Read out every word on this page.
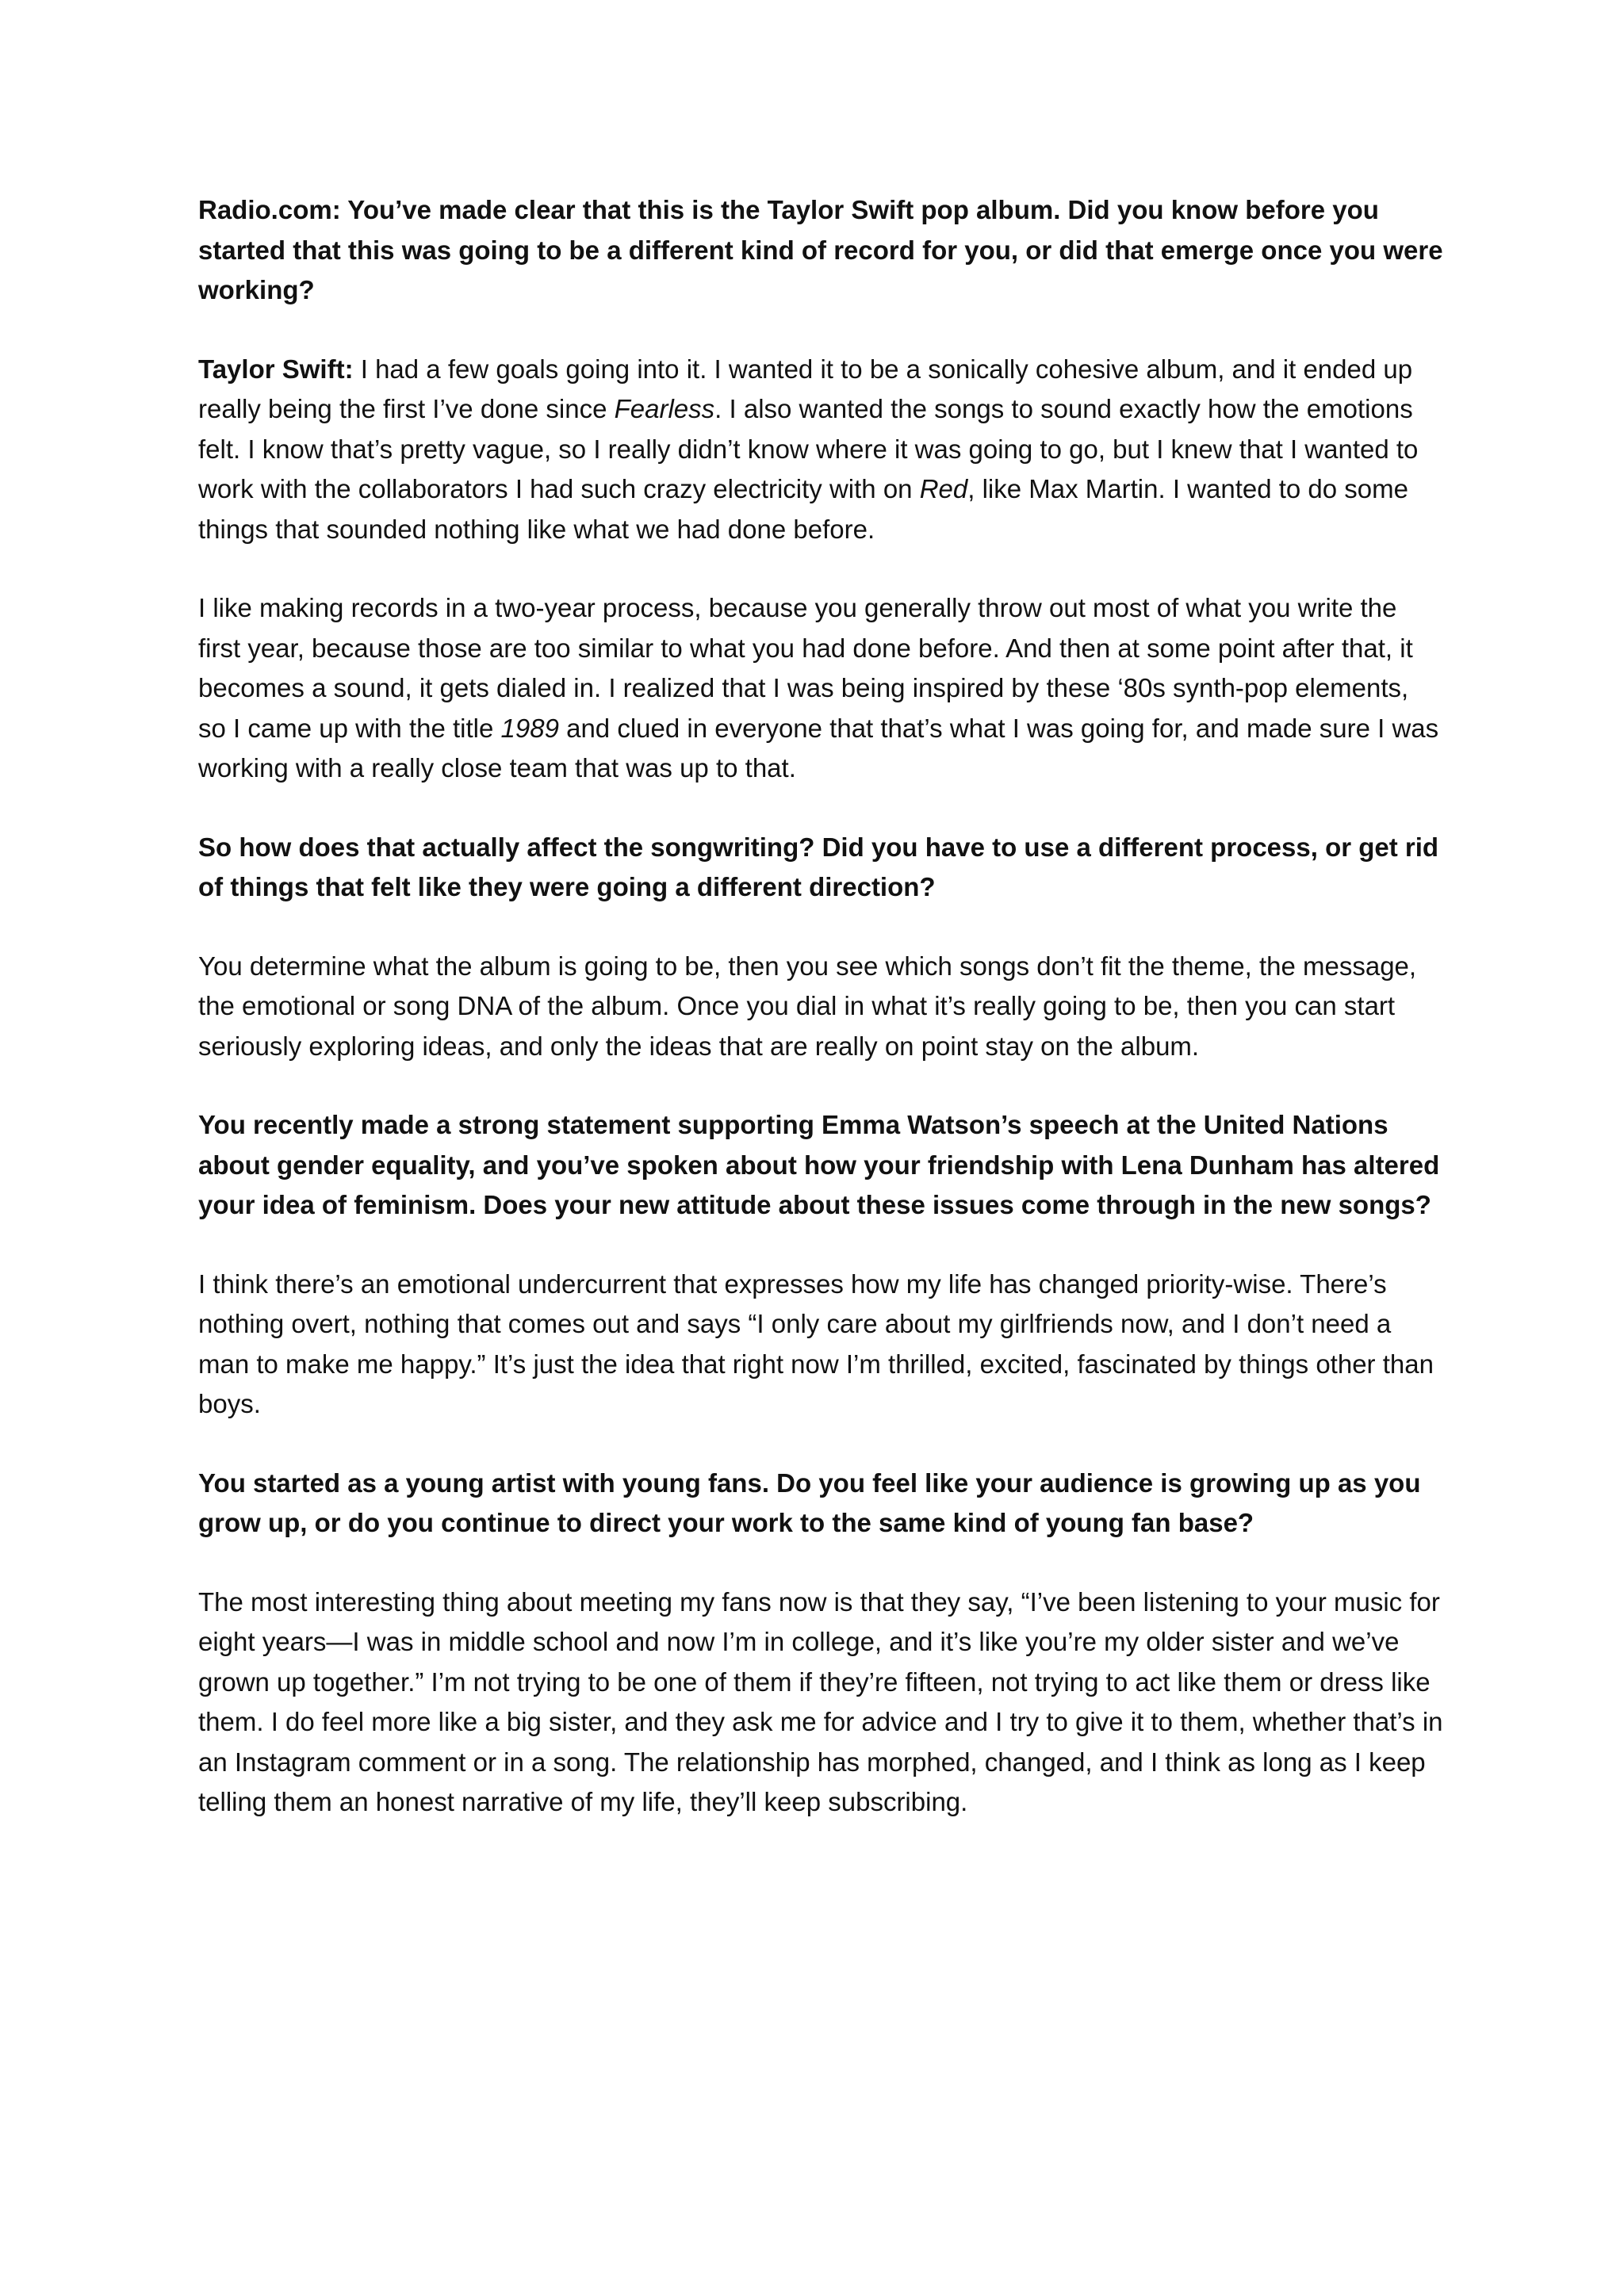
Radio.com: You’ve made clear that this is the Taylor Swift pop album. Did you know before you started that this was going to be a different kind of record for you, or did that emerge once you were working?

Taylor Swift: I had a few goals going into it. I wanted it to be a sonically cohesive album, and it ended up really being the first I’ve done since Fearless. I also wanted the songs to sound exactly how the emotions felt. I know that’s pretty vague, so I really didn’t know where it was going to go, but I knew that I wanted to work with the collaborators I had such crazy electricity with on Red, like Max Martin. I wanted to do some things that sounded nothing like what we had done before.

I like making records in a two-year process, because you generally throw out most of what you write the first year, because those are too similar to what you had done before. And then at some point after that, it becomes a sound, it gets dialed in. I realized that I was being inspired by these ‘80s synth-pop elements, so I came up with the title 1989 and clued in everyone that that’s what I was going for, and made sure I was working with a really close team that was up to that.

So how does that actually affect the songwriting? Did you have to use a different process, or get rid of things that felt like they were going a different direction?

You determine what the album is going to be, then you see which songs don’t fit the theme, the message, the emotional or song DNA of the album. Once you dial in what it’s really going to be, then you can start seriously exploring ideas, and only the ideas that are really on point stay on the album.

You recently made a strong statement supporting Emma Watson’s speech at the United Nations about gender equality, and you’ve spoken about how your friendship with Lena Dunham has altered your idea of feminism. Does your new attitude about these issues come through in the new songs?

I think there’s an emotional undercurrent that expresses how my life has changed priority-wise. There’s nothing overt, nothing that comes out and says “I only care about my girlfriends now, and I don’t need a man to make me happy.” It’s just the idea that right now I’m thrilled, excited, fascinated by things other than boys.

You started as a young artist with young fans. Do you feel like your audience is growing up as you grow up, or do you continue to direct your work to the same kind of young fan base?

The most interesting thing about meeting my fans now is that they say, “I’ve been listening to your music for eight years—I was in middle school and now I’m in college, and it’s like you’re my older sister and we’ve grown up together.” I’m not trying to be one of them if they’re fifteen, not trying to act like them or dress like them. I do feel more like a big sister, and they ask me for advice and I try to give it to them, whether that’s in an Instagram comment or in a song. The relationship has morphed, changed, and I think as long as I keep telling them an honest narrative of my life, they’ll keep subscribing.
